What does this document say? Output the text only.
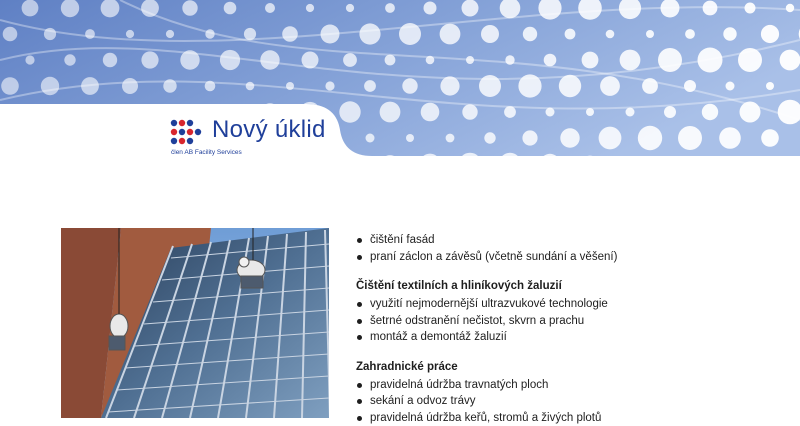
Nový úklid
člen AB Facility Services
čištění fasád
praní záclon a závěsů (včetně sundání a věšení)
Čištění textilních a hliníkových žaluzií
využití nejmodernější ultrazvukové technologie
šetrné odstranění nečistot, skvrn a prachu
montáž a demontáž žaluzií
Zahradnické práce
pravidelná údržba travnatých ploch
sekání a odvoz trávy
pravidelná údržba keřů, stromů a živých plotů
